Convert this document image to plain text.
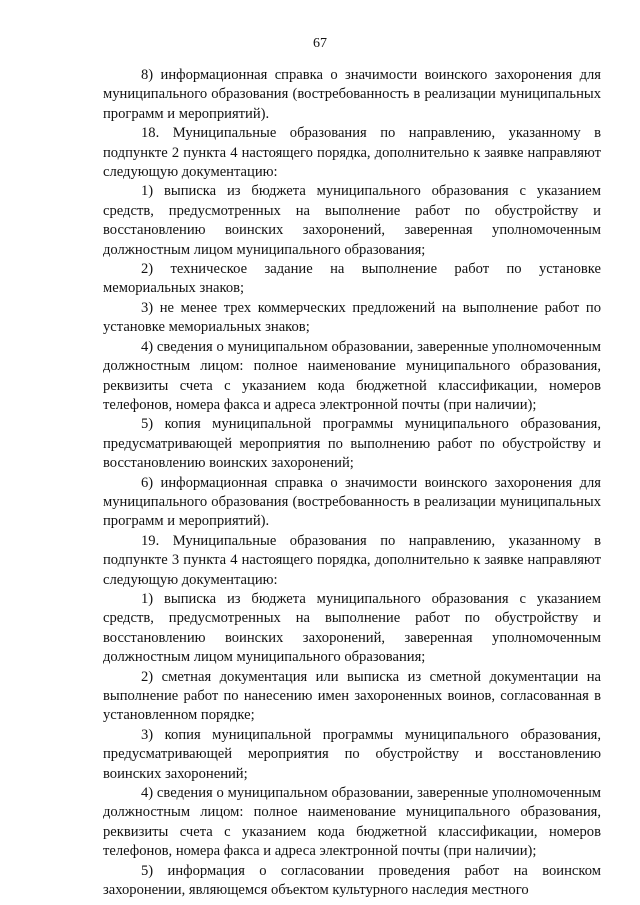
67

8) информационная справка о значимости воинского захоронения для муниципального образования (востребованность в реализации муниципальных программ и мероприятий).

18. Муниципальные образования по направлению, указанному в подпункте 2 пункта 4 настоящего порядка, дополнительно к заявке направляют следующую документацию:

1) выписка из бюджета муниципального образования с указанием средств, предусмотренных на выполнение работ по обустройству и восстановлению воинских захоронений, заверенная уполномоченным должностным лицом муниципального образования;

2) техническое задание на выполнение работ по установке мемориальных знаков;

3) не менее трех коммерческих предложений на выполнение работ по установке мемориальных знаков;

4) сведения о муниципальном образовании, заверенные уполномоченным должностным лицом: полное наименование муниципального образования, реквизиты счета с указанием кода бюджетной классификации, номеров телефонов, номера факса и адреса электронной почты (при наличии);

5) копия муниципальной программы муниципального образования, предусматривающей мероприятия по выполнению работ по обустройству и восстановлению воинских захоронений;

6) информационная справка о значимости воинского захоронения для муниципального образования (востребованность в реализации муниципальных программ и мероприятий).

19. Муниципальные образования по направлению, указанному в подпункте 3 пункта 4 настоящего порядка, дополнительно к заявке направляют следующую документацию:

1) выписка из бюджета муниципального образования с указанием средств, предусмотренных на выполнение работ по обустройству и восстановлению воинских захоронений, заверенная уполномоченным должностным лицом муниципального образования;

2) сметная документация или выписка из сметной документации на выполнение работ по нанесению имен захороненных воинов, согласованная в установленном порядке;

3) копия муниципальной программы муниципального образования, предусматривающей мероприятия по обустройству и восстановлению воинских захоронений;

4) сведения о муниципальном образовании, заверенные уполномоченным должностным лицом: полное наименование муниципального образования, реквизиты счета с указанием кода бюджетной классификации, номеров телефонов, номера факса и адреса электронной почты (при наличии);

5) информация о согласовании проведения работ на воинском захоронении, являющемся объектом культурного наследия местного
